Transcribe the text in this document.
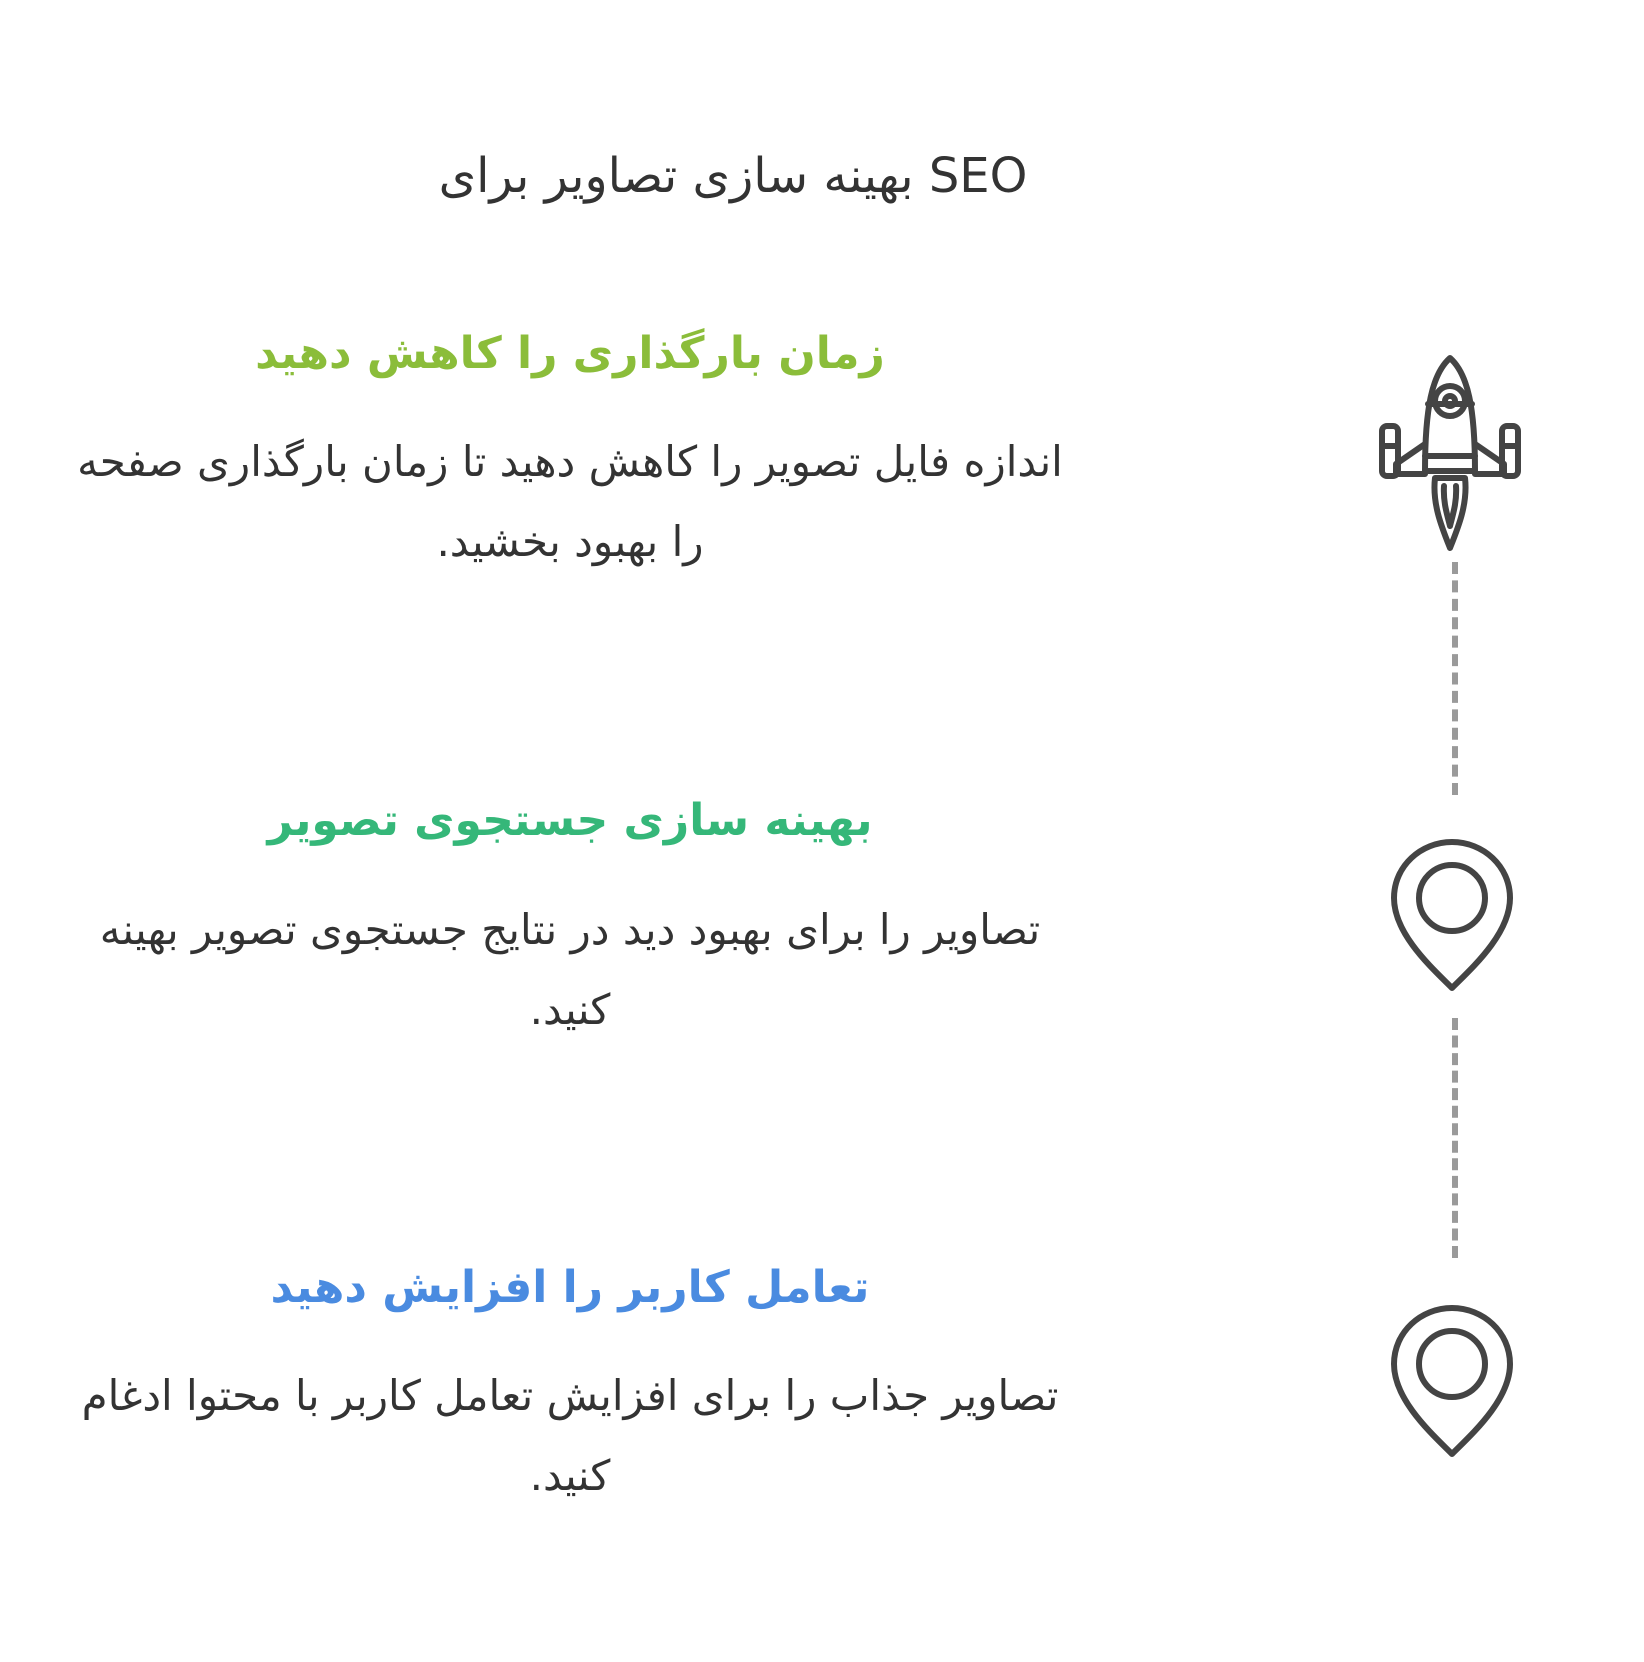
SEO بهینه سازی تصاویر برای
زمان بارگذاری را کاهش دهید

اندازه فایل تصویر را کاهش دهید تا زمان بارگذاری صفحه را بهبود بخشید.

بهینه سازی جستجوی تصویر

تصاویر را برای بهبود دید در نتایج جستجوی تصویر بهینه کنید.

تعامل کاربر را افزایش دهید

تصاویر جذاب را برای افزایش تعامل کاربر با محتوا ادغام کنید.
